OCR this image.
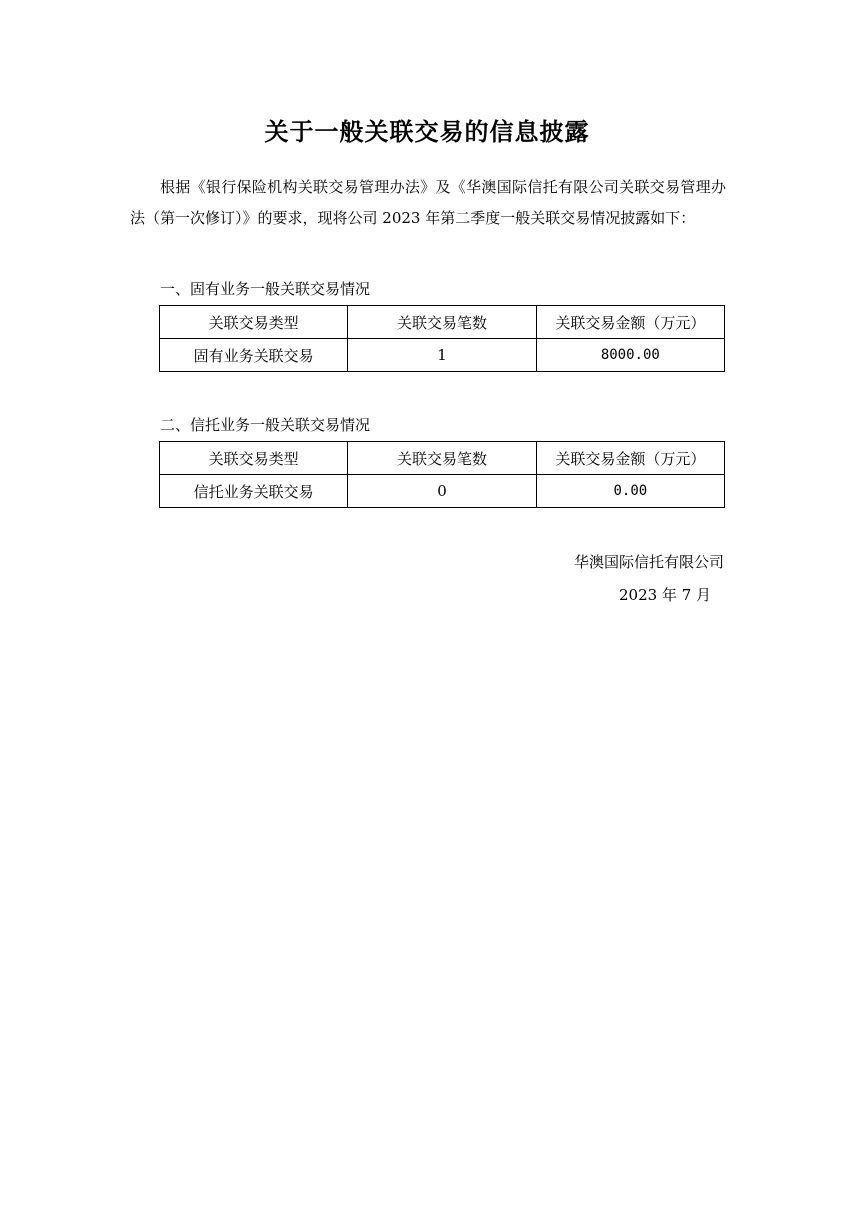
关于一般关联交易的信息披露
根据《银行保险机构关联交易管理办法》及《华澳国际信托有限公司关联交易管理办法（第一次修订）》的要求，现将公司 2023 年第二季度一般关联交易情况披露如下：
一、固有业务一般关联交易情况
关联交易类型	关联交易笔数	关联交易金额（万元）
固有业务关联交易	1	8000.00
二、信托业务一般关联交易情况
关联交易类型	关联交易笔数	关联交易金额（万元）
信托业务关联交易	0	0.00
华澳国际信托有限公司
2023 年 7 月
